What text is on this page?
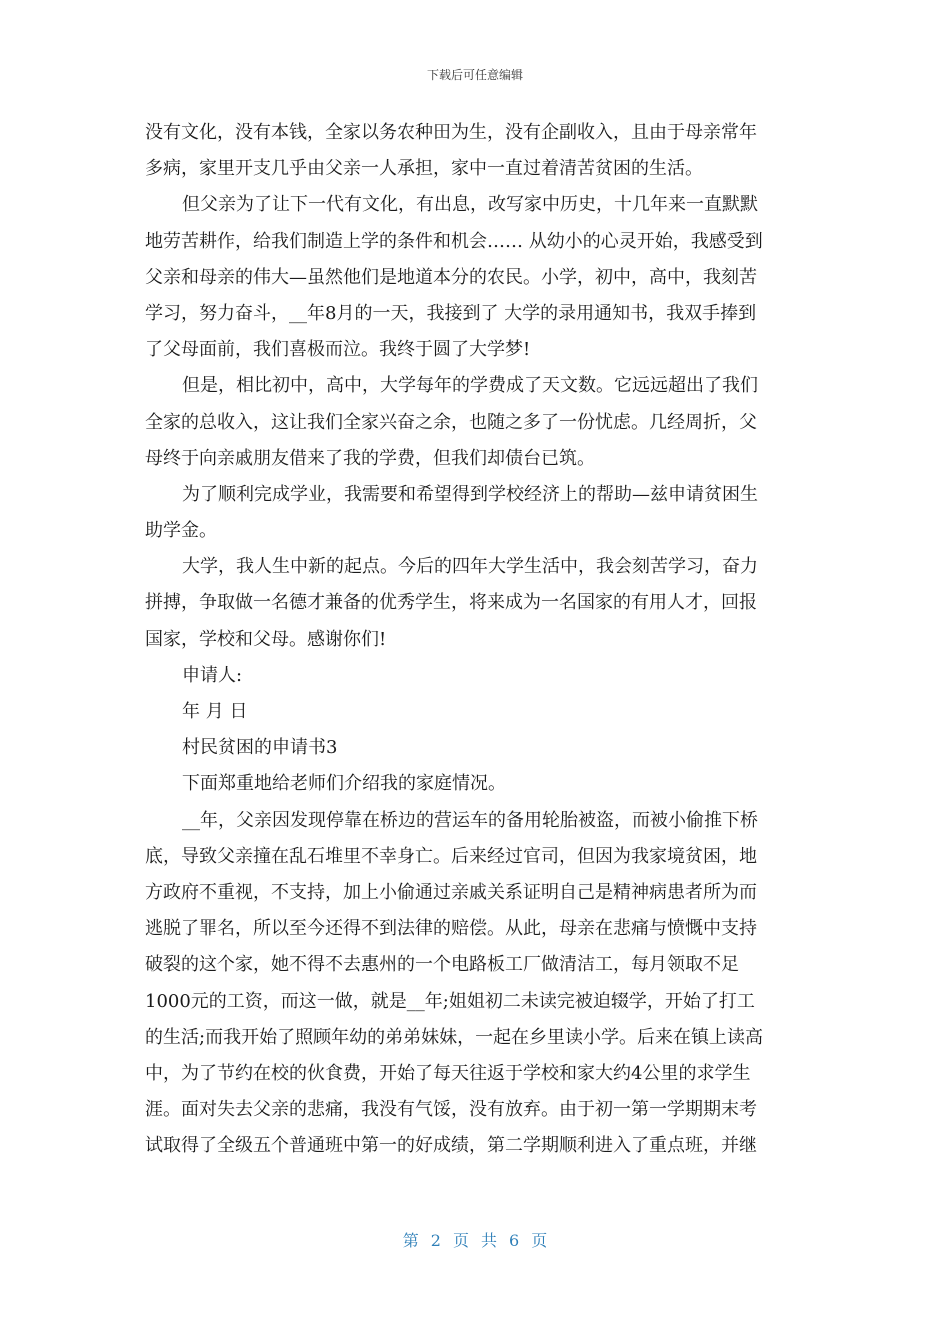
下载后可任意编辑
没有文化，没有本钱，全家以务农种田为生，没有企副收入，且由于母亲常年
多病，家里开支几乎由父亲一人承担，家中一直过着清苦贫困的生活。
但父亲为了让下一代有文化，有出息，改写家中历史，十几年来一直默默
地劳苦耕作，给我们制造上学的条件和机会…… 从幼小的心灵开始，我感受到
父亲和母亲的伟大—虽然他们是地道本分的农民。小学，初中，高中，我刻苦
学习，努力奋斗，__年8月的一天，我接到了 大学的录用通知书，我双手捧到
了父母面前，我们喜极而泣。我终于圆了大学梦!
但是，相比初中，高中，大学每年的学费成了天文数。它远远超出了我们
全家的总收入，这让我们全家兴奋之余，也随之多了一份忧虑。几经周折，父
母终于向亲戚朋友借来了我的学费，但我们却债台已筑。
为了顺利完成学业，我需要和希望得到学校经济上的帮助—兹申请贫困生
助学金。
大学，我人生中新的起点。今后的四年大学生活中，我会刻苦学习，奋力
拼搏，争取做一名德才兼备的优秀学生，将来成为一名国家的有用人才，回报
国家，学校和父母。感谢你们!
申请人:
年 月 日
村民贫困的申请书3
下面郑重地给老师们介绍我的家庭情况。
__年，父亲因发现停靠在桥边的营运车的备用轮胎被盗，而被小偷推下桥
底，导致父亲撞在乱石堆里不幸身亡。后来经过官司，但因为我家境贫困，地
方政府不重视，不支持，加上小偷通过亲戚关系证明自己是精神病患者所为而
逃脱了罪名，所以至今还得不到法律的赔偿。从此，母亲在悲痛与愤慨中支持
破裂的这个家，她不得不去惠州的一个电路板工厂做清洁工，每月领取不足
1000元的工资，而这一做，就是__年;姐姐初二未读完被迫辍学，开始了打工
的生活;而我开始了照顾年幼的弟弟妹妹，一起在乡里读小学。后来在镇上读高
中，为了节约在校的伙食费，开始了每天往返于学校和家大约4公里的求学生
涯。面对失去父亲的悲痛，我没有气馁，没有放弃。由于初一第一学期期末考
试取得了全级五个普通班中第一的好成绩，第二学期顺利进入了重点班，并继
第 2 页 共 6 页
